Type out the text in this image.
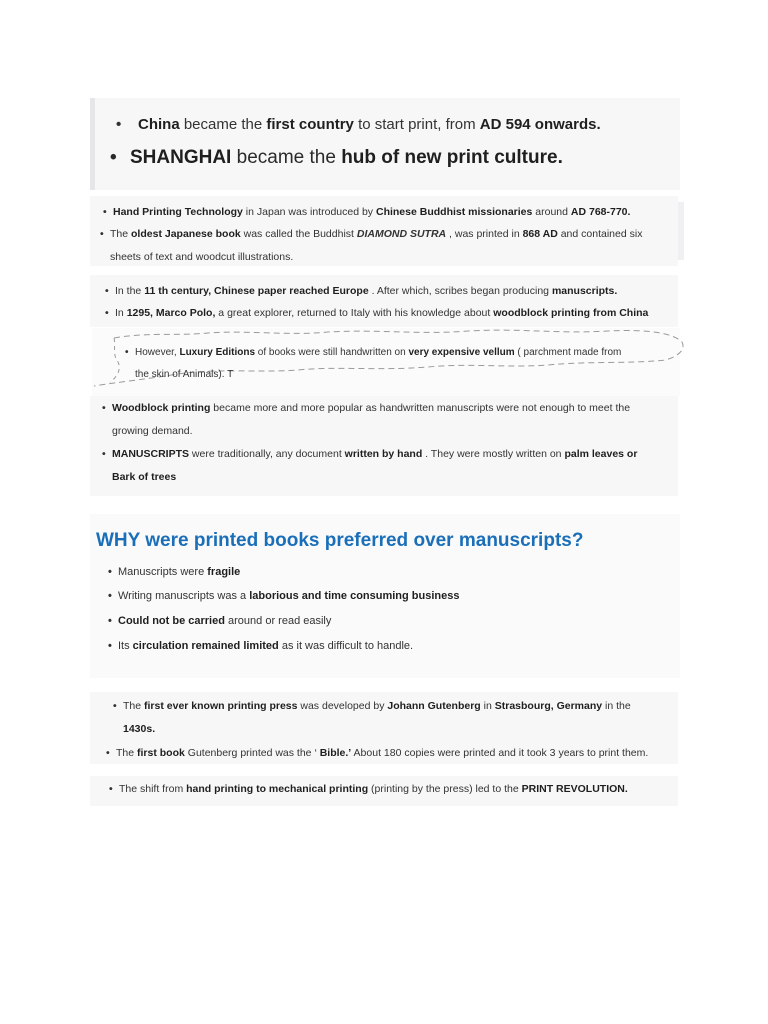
• China became the first country to start print, from AD 594 onwards.
• SHANGHAI became the hub of new print culture.
• Hand Printing Technology in Japan was introduced by Chinese Buddhist missionaries around AD 768-770.
• The oldest Japanese book was called the Buddhist DIAMOND SUTRA , was printed in 868 AD and contained six
sheets of text and woodcut illustrations.
• In the 11 th century, Chinese paper reached Europe . After which, scribes began producing manuscripts.
• In 1295, Marco Polo, a great explorer, returned to Italy with his knowledge about woodblock printing from China
• However, Luxury Editions of books were still handwritten on very expensive vellum ( parchment made from
the skin of Animals). T
• Woodblock printing became more and more popular as handwritten manuscripts were not enough to meet the
growing demand.
• MANUSCRIPTS were traditionally, any document written by hand . They were mostly written on palm leaves or
Bark of trees
WHY were printed books preferred over manuscripts?
• Manuscripts were fragile
• Writing manuscripts was a laborious and time consuming business
• Could not be carried around or read easily
• Its circulation remained limited as it was difficult to handle.
• The first ever known printing press was developed by Johann Gutenberg in Strasbourg, Germany in the
1430s.
• The first book Gutenberg printed was the ‘ Bible.’ About 180 copies were printed and it took 3 years to print them.
• The shift from hand printing to mechanical printing (printing by the press) led to the PRINT REVOLUTION.
